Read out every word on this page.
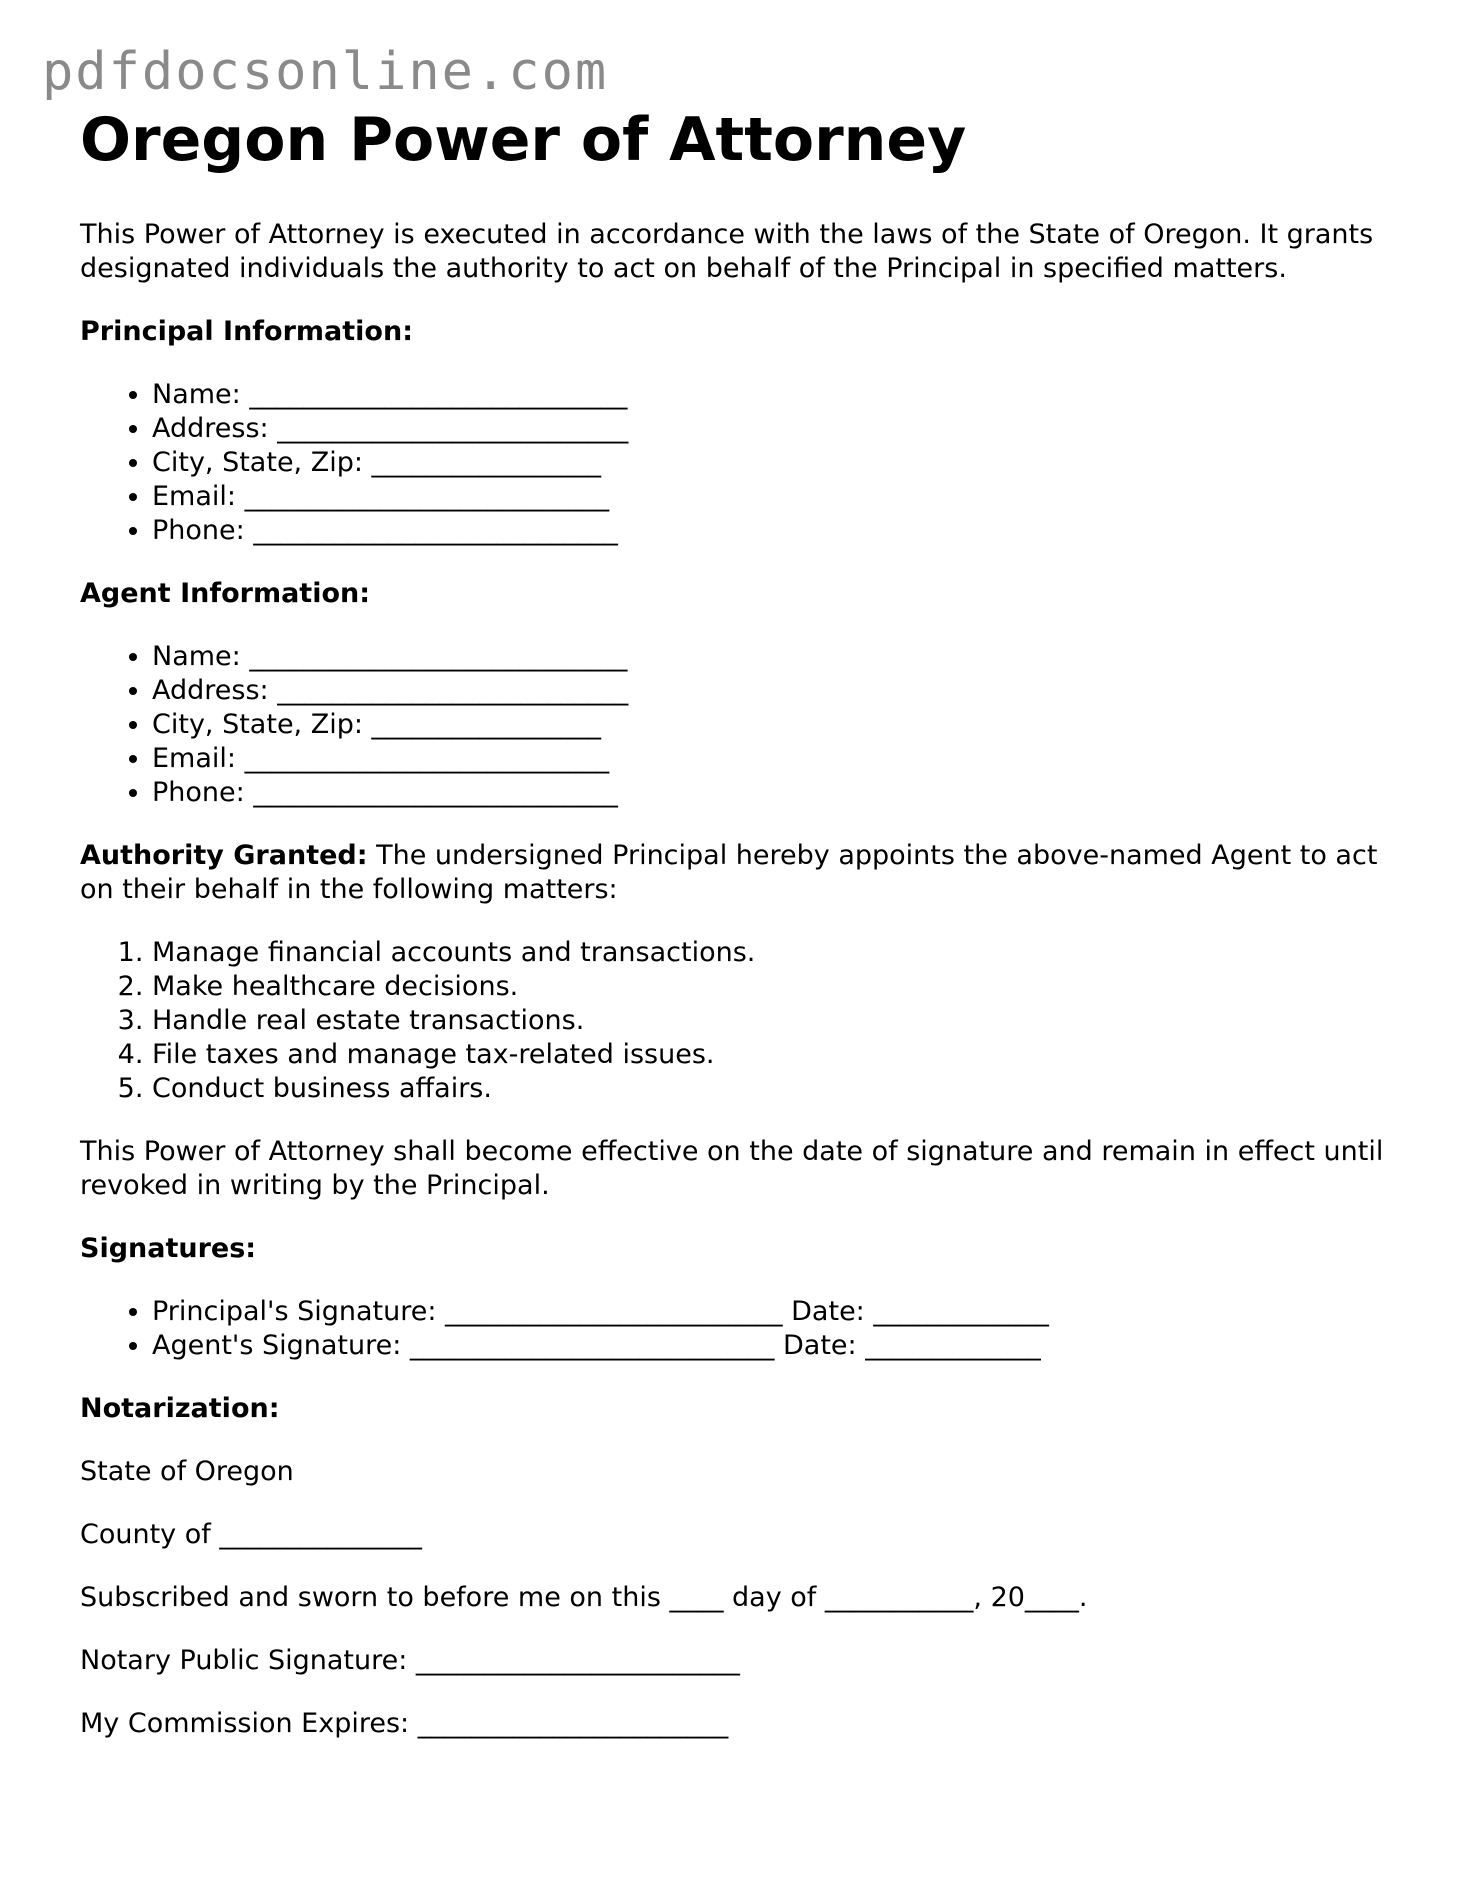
pdfdocsonline.com
Oregon Power of Attorney

This Power of Attorney is executed in accordance with the laws of the State of Oregon. It grants designated individuals the authority to act on behalf of the Principal in specified matters.

Principal Information:
• Name: ____________________________
• Address: __________________________
• City, State, Zip: _________________
• Email: ___________________________
• Phone: ___________________________
Agent Information:
• Name: ____________________________
• Address: __________________________
• City, State, Zip: _________________
• Email: ___________________________
• Phone: ___________________________

Authority Granted: The undersigned Principal hereby appoints the above-named Agent to act on their behalf in the following matters:

1. Manage financial accounts and transactions.
2. Make healthcare decisions.
3. Handle real estate transactions.
4. File taxes and manage tax-related issues.
5. Conduct business affairs.

This Power of Attorney shall become effective on the date of signature and remain in effect until revoked in writing by the Principal.

Signatures:
• Principal's Signature: _________________________ Date: _____________
• Agent's Signature: ___________________________ Date: _____________
Notarization:

State of Oregon

County of _______________

Subscribed and sworn to before me on this ____ day of ___________, 20____.

Notary Public Signature: ________________________

My Commission Expires: _______________________
